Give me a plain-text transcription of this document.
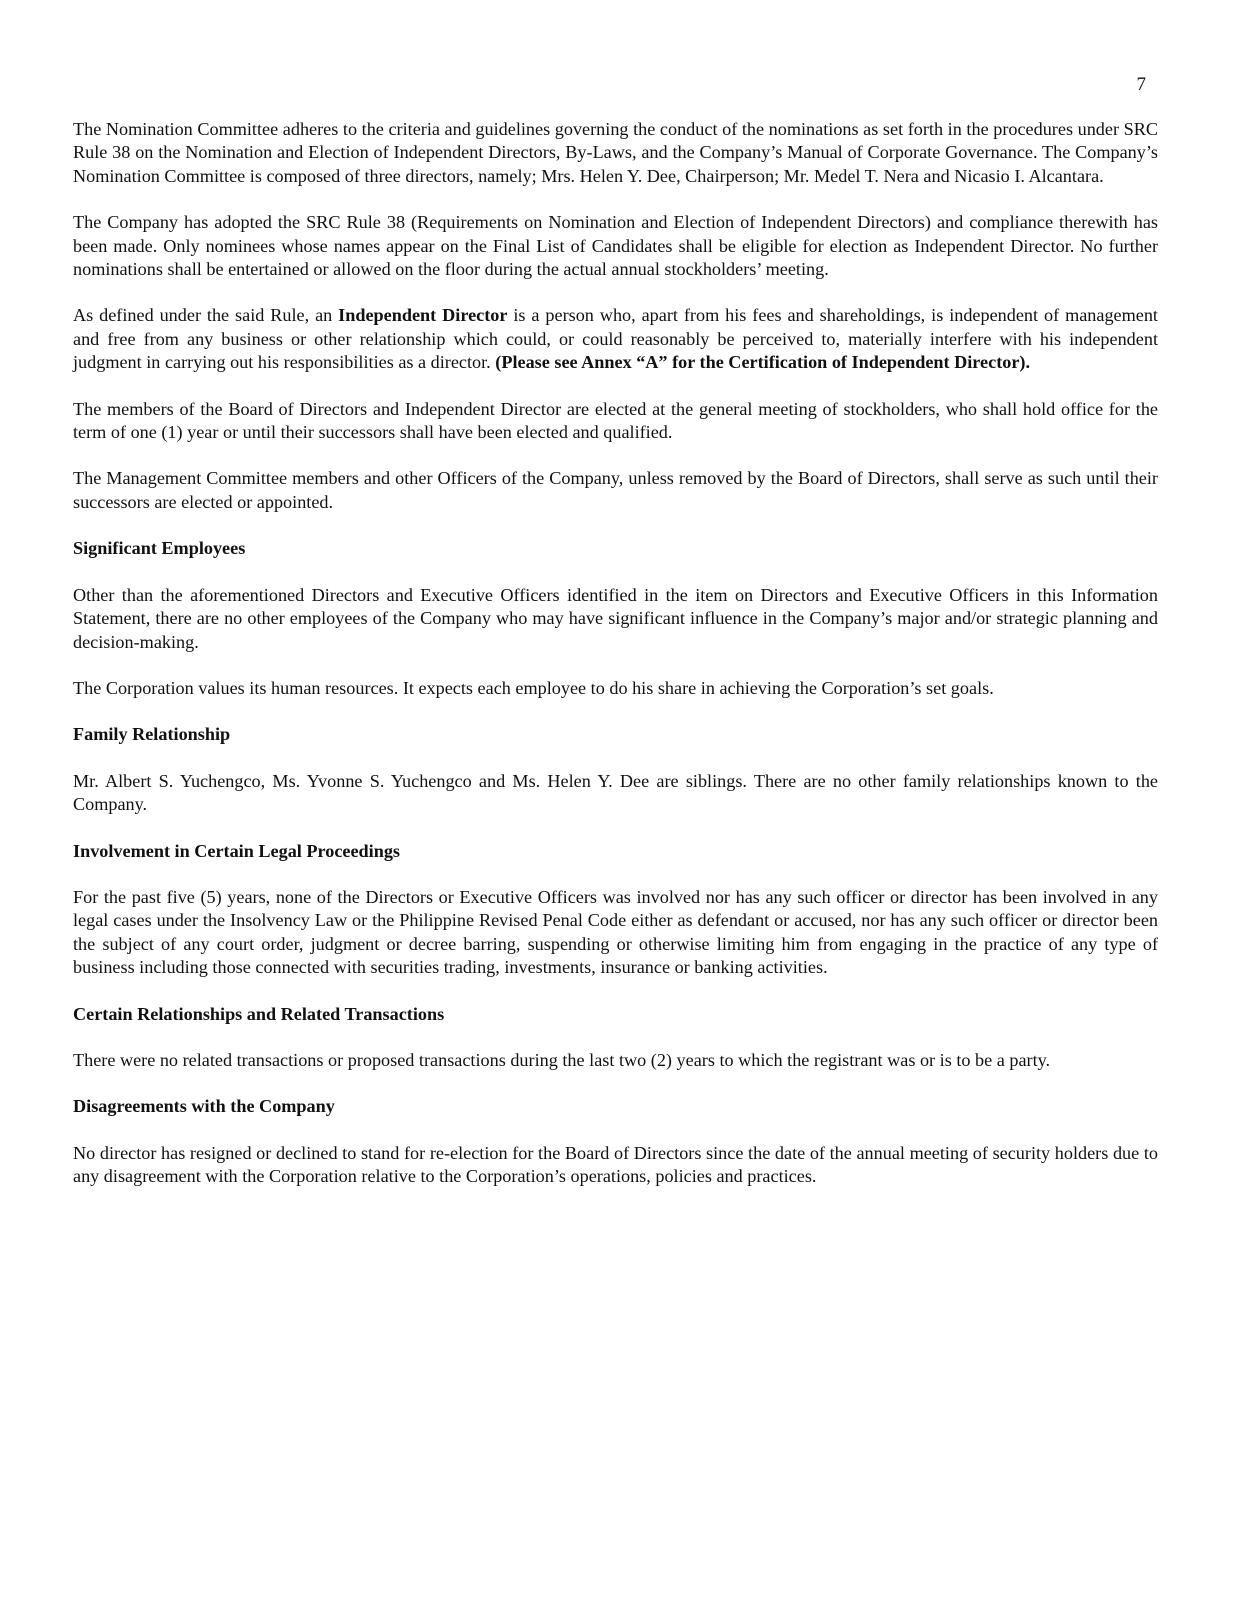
7

The Nomination Committee adheres to the criteria and guidelines governing the conduct of the nominations as set forth in the procedures under SRC Rule 38 on the Nomination and Election of Independent Directors, By-Laws, and the Company’s Manual of Corporate Governance. The Company’s Nomination Committee is composed of three directors, namely; Mrs. Helen Y. Dee, Chairperson; Mr. Medel T. Nera and Nicasio I. Alcantara.

The Company has adopted the SRC Rule 38 (Requirements on Nomination and Election of Independent Directors) and compliance therewith has been made. Only nominees whose names appear on the Final List of Candidates shall be eligible for election as Independent Director. No further nominations shall be entertained or allowed on the floor during the actual annual stockholders’ meeting.

As defined under the said Rule, an Independent Director is a person who, apart from his fees and shareholdings, is independent of management and free from any business or other relationship which could, or could reasonably be perceived to, materially interfere with his independent judgment in carrying out his responsibilities as a director. (Please see Annex “A” for the Certification of Independent Director).

The members of the Board of Directors and Independent Director are elected at the general meeting of stockholders, who shall hold office for the term of one (1) year or until their successors shall have been elected and qualified.

The Management Committee members and other Officers of the Company, unless removed by the Board of Directors, shall serve as such until their successors are elected or appointed.

Significant Employees

Other than the aforementioned Directors and Executive Officers identified in the item on Directors and Executive Officers in this Information Statement, there are no other employees of the Company who may have significant influence in the Company’s major and/or strategic planning and decision-making.

The Corporation values its human resources. It expects each employee to do his share in achieving the Corporation’s set goals.

Family Relationship

Mr. Albert S. Yuchengco, Ms. Yvonne S. Yuchengco and Ms. Helen Y. Dee are siblings. There are no other family relationships known to the Company.

Involvement in Certain Legal Proceedings

For the past five (5) years, none of the Directors or Executive Officers was involved nor has any such officer or director has been involved in any legal cases under the Insolvency Law or the Philippine Revised Penal Code either as defendant or accused, nor has any such officer or director been the subject of any court order, judgment or decree barring, suspending or otherwise limiting him from engaging in the practice of any type of business including those connected with securities trading, investments, insurance or banking activities.

Certain Relationships and Related Transactions

There were no related transactions or proposed transactions during the last two (2) years to which the registrant was or is to be a party.

Disagreements with the Company

No director has resigned or declined to stand for re-election for the Board of Directors since the date of the annual meeting of security holders due to any disagreement with the Corporation relative to the Corporation’s operations, policies and practices.
